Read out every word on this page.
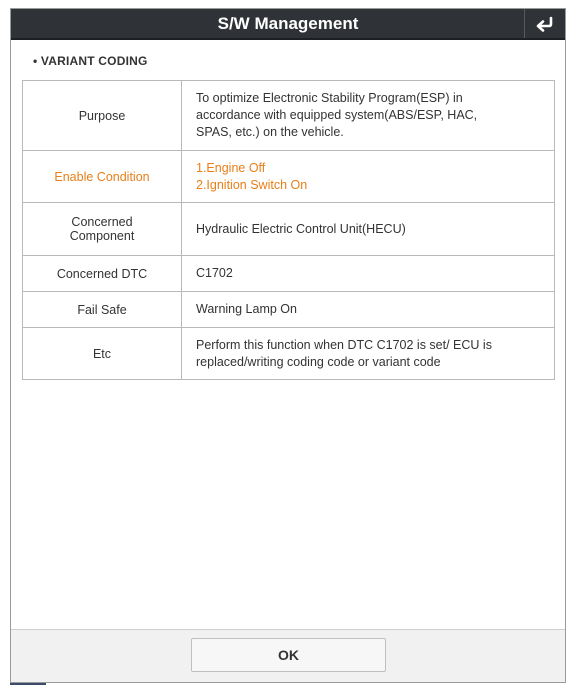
S/W Management
• VARIANT CODING
Purpose	To optimize Electronic Stability Program(ESP) in
accordance with equipped system(ABS/ESP, HAC,
SPAS, etc.) on the vehicle.

Enable Condition	1.Engine Off
2.Ignition Switch On

Concerned
Component	Hydraulic Electric Control Unit(HECU)

Concerned DTC	C1702

Fail Safe	Warning Lamp On

Etc	Perform this function when DTC C1702 is set/ ECU is
replaced/writing coding code or variant code
OK
